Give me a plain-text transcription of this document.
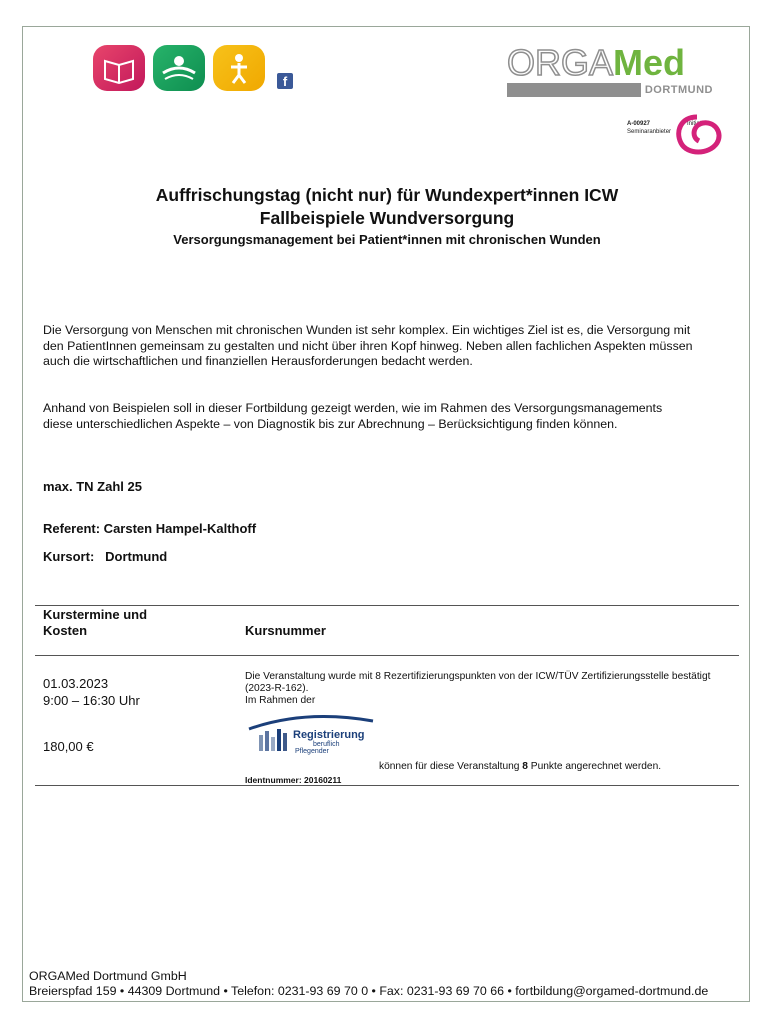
f	ORGAMed
DORTMUND
A-00927
Seminaranbieter
Initiative
Auffrischungstag (nicht nur) für Wundexpert*innen ICW
Fallbeispiele Wundversorgung
Versorgungsmanagement bei Patient*innen mit chronischen Wunden
Die Versorgung von Menschen mit chronischen Wunden ist sehr komplex. Ein wichtiges Ziel ist es, die Versorgung mit den PatientInnen gemeinsam zu gestalten und nicht über ihren Kopf hinweg. Neben allen fachlichen Aspekten müssen auch die wirtschaftlichen und finanziellen Herausforderungen bedacht werden.
Anhand von Beispielen soll in dieser Fortbildung gezeigt werden, wie im Rahmen des Versorgungsmanagements diese unterschiedlichen Aspekte – von Diagnostik bis zur Abrechnung – Berücksichtigung finden können.
max. TN Zahl 25
Referent: Carsten Hampel-Kalthoff
Kursort:   Dortmund
Kurstermine und Kosten	Kursnummer
01.03.2023
9:00 – 16:30 Uhr
180,00 €
Die Veranstaltung wurde mit 8 Rezertifizierungspunkten von der ICW/TÜV Zertifizierungsstelle bestätigt (2023-R-162).
Im Rahmen der
Registrierung
beruflich
Pflegender
können für diese Veranstaltung 8 Punkte angerechnet werden.
Identnummer: 20160211
ORGAMed Dortmund GmbH
Breierspfad 159 • 44309 Dortmund • Telefon: 0231-93 69 70 0 • Fax: 0231-93 69 70 66 • fortbildung@orgamed-dortmund.de
